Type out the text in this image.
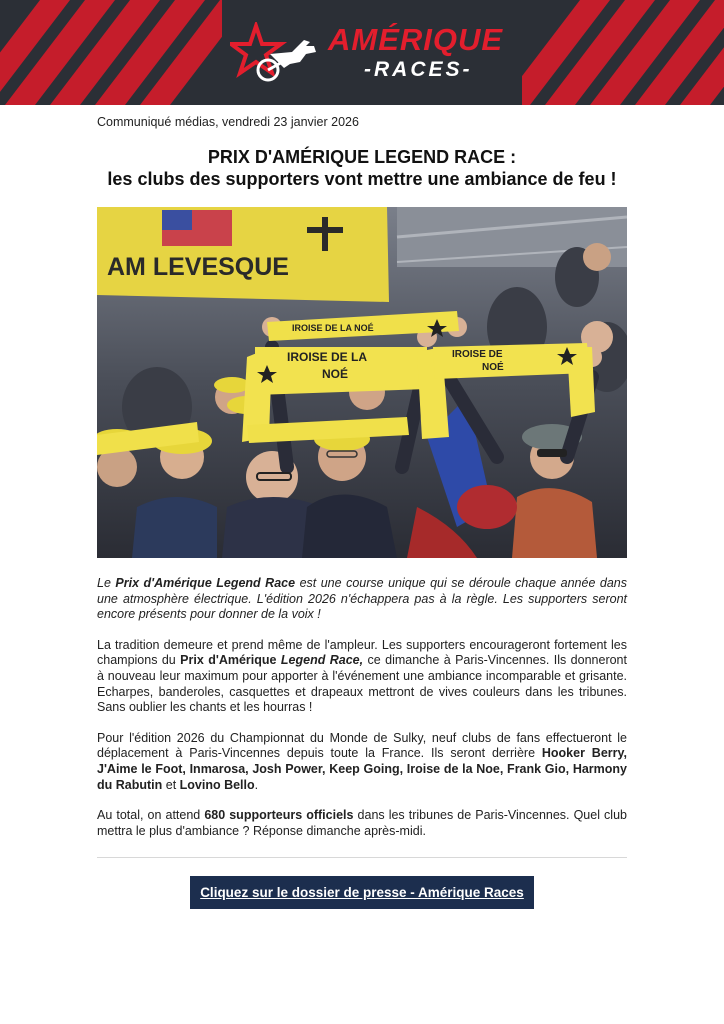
AMÉRIQUE
-RACES-
Communiqué médias, vendredi 23 janvier 2026
PRIX D'AMÉRIQUE LEGEND RACE :
les clubs des supporters vont mettre une ambiance de feu !
AM LEVESQUE
IROISE DE LA NOÉ
IROISE DE LA
NOÉ
IROISE DE
NOÉ
Le Prix d'Amérique Legend Race est une course unique qui se déroule chaque année dans une atmosphère électrique. L'édition 2026 n'échappera pas à la règle. Les supporters seront encore présents pour donner de la voix !
La tradition demeure et prend même de l'ampleur. Les supporters encourageront fortement les champions du Prix d'Amérique Legend Race, ce dimanche à Paris-Vincennes. Ils donneront à nouveau leur maximum pour apporter à l'événement une ambiance incomparable et grisante. Echarpes, banderoles, casquettes et drapeaux mettront de vives couleurs dans les tribunes. Sans oublier les chants et les hourras !
Pour l'édition 2026 du Championnat du Monde de Sulky, neuf clubs de fans effectueront le déplacement à Paris-Vincennes depuis toute la France. Ils seront derrière Hooker Berry, J'Aime le Foot, Inmarosa, Josh Power, Keep Going, Iroise de la Noe, Frank Gio, Harmony du Rabutin et Lovino Bello.
Au total, on attend 680 supporteurs officiels dans les tribunes de Paris-Vincennes. Quel club mettra le plus d'ambiance ? Réponse dimanche après-midi.
Cliquez sur le dossier de presse - Amérique Races
